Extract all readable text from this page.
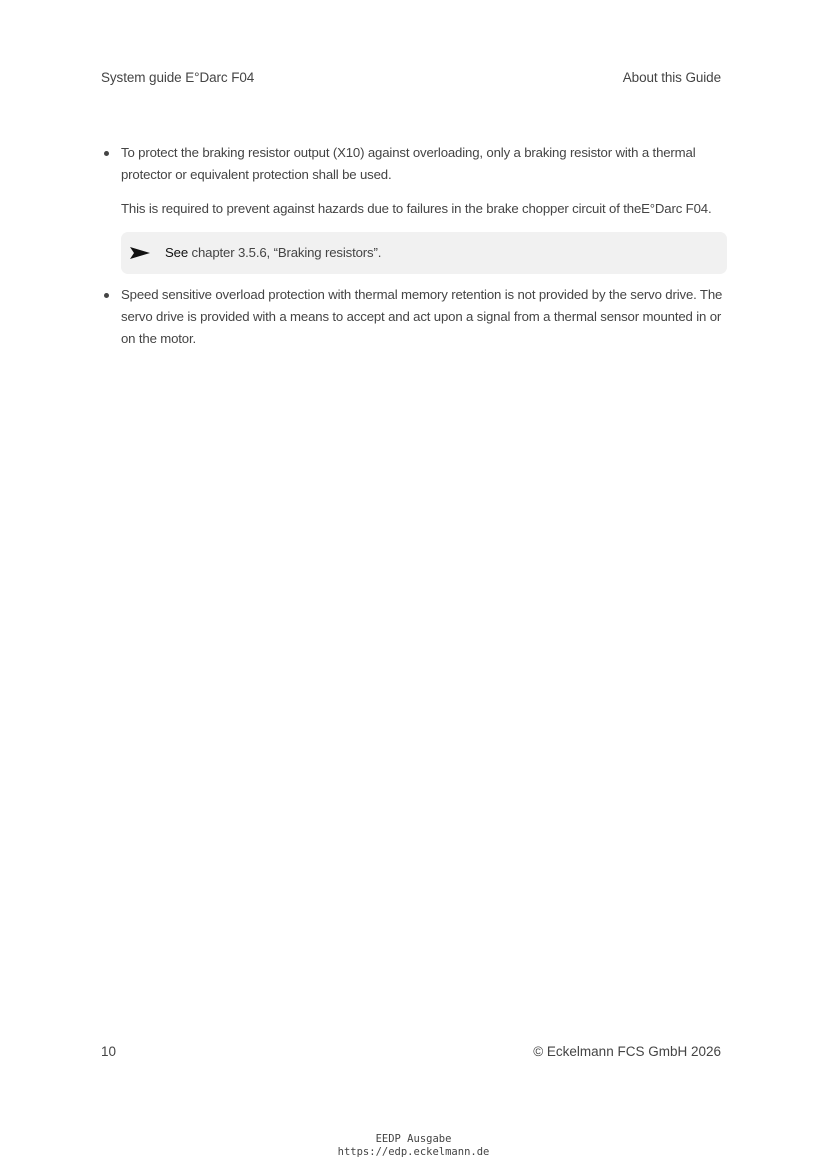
System guide E°Darc F04	About this Guide

To protect the braking resistor output (X10) against overloading, only a braking resistor with a thermal protector or equivalent protection shall be used.

This is required to prevent against hazards due to failures in the brake chopper circuit of theE°Darc F04.

See chapter 3.5.6, “Braking resistors”.

Speed sensitive overload protection with thermal memory retention is not provided by the servo drive. The servo drive is provided with a means to accept and act upon a signal from a thermal sensor mounted in or on the motor.

10	© Eckelmann FCS GmbH 2026
EEDP Ausgabe
https://edp.eckelmann.de
